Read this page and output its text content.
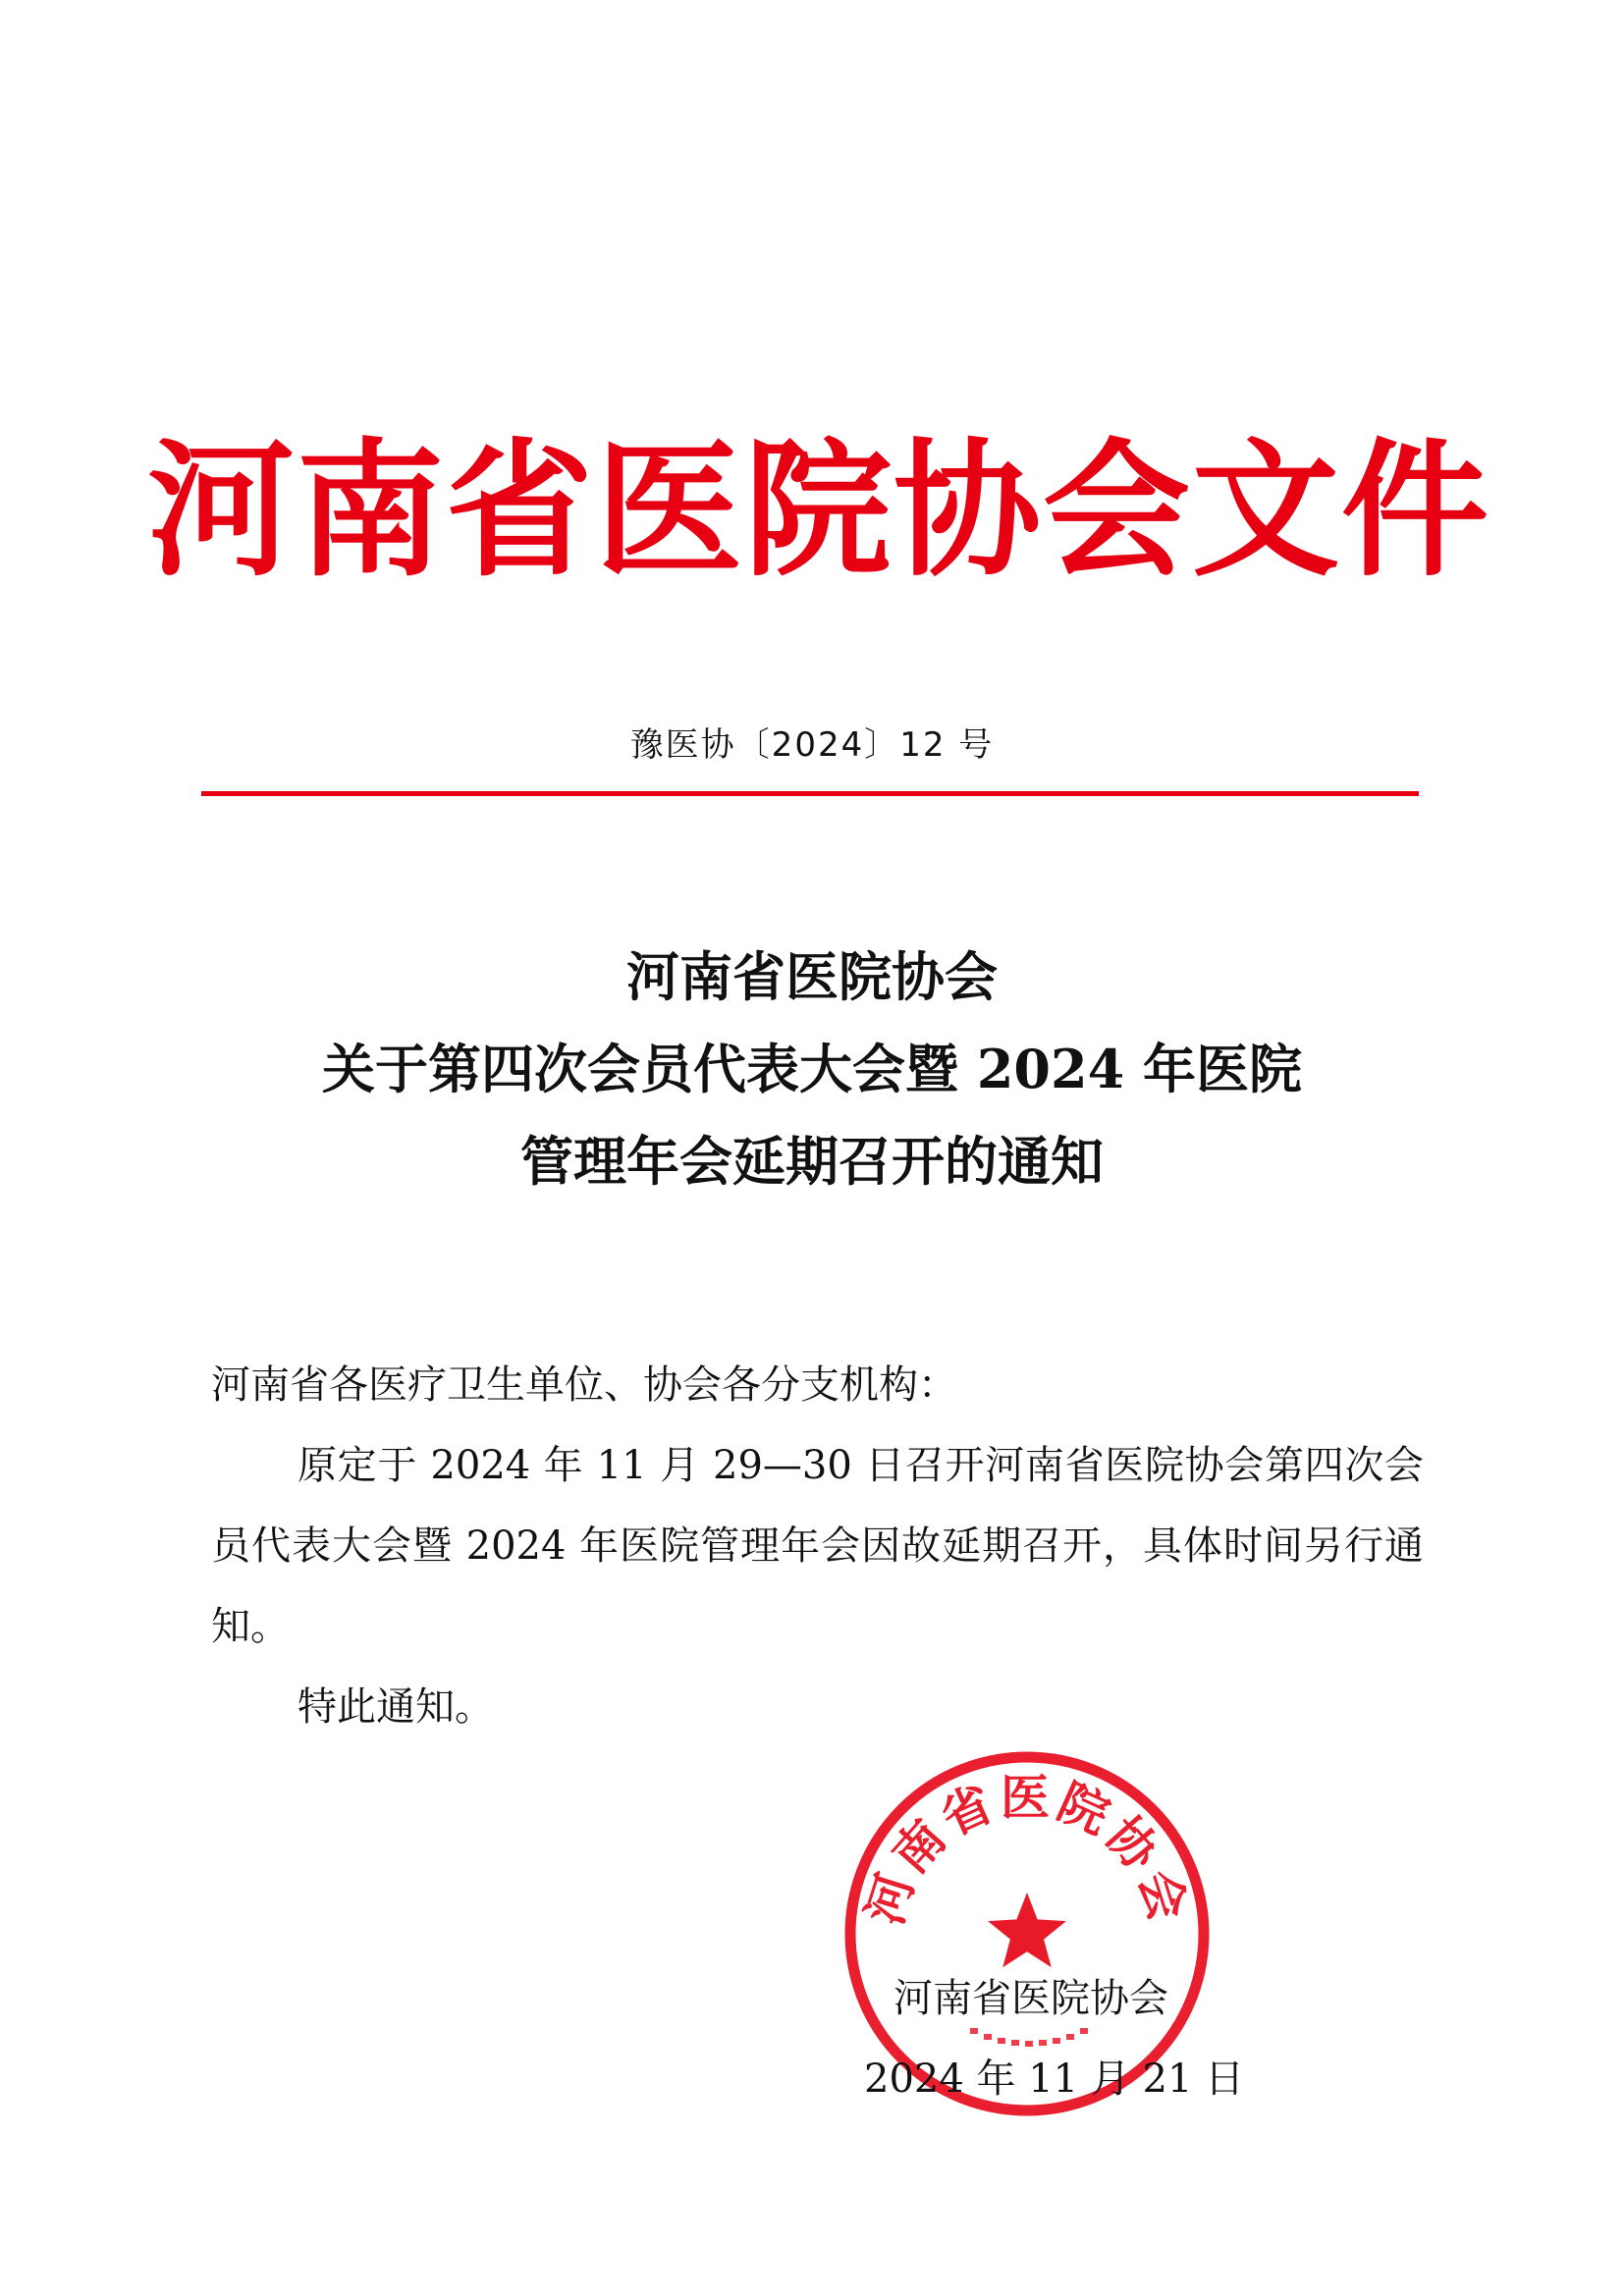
河南省医院协会文件
豫医协〔2024〕12 号
河南省医院协会
关于第四次会员代表大会暨 2024 年医院
管理年会延期召开的通知

河南省各医疗卫生单位、协会各分支机构：

原定于 2024 年 11 月 29—30 日召开河南省医院协会第四次会员代表大会暨 2024 年医院管理年会因故延期召开，具体时间另行通知。

特此通知。

河南省医院协会
河南省医院协会
2024 年 11 月 21 日
